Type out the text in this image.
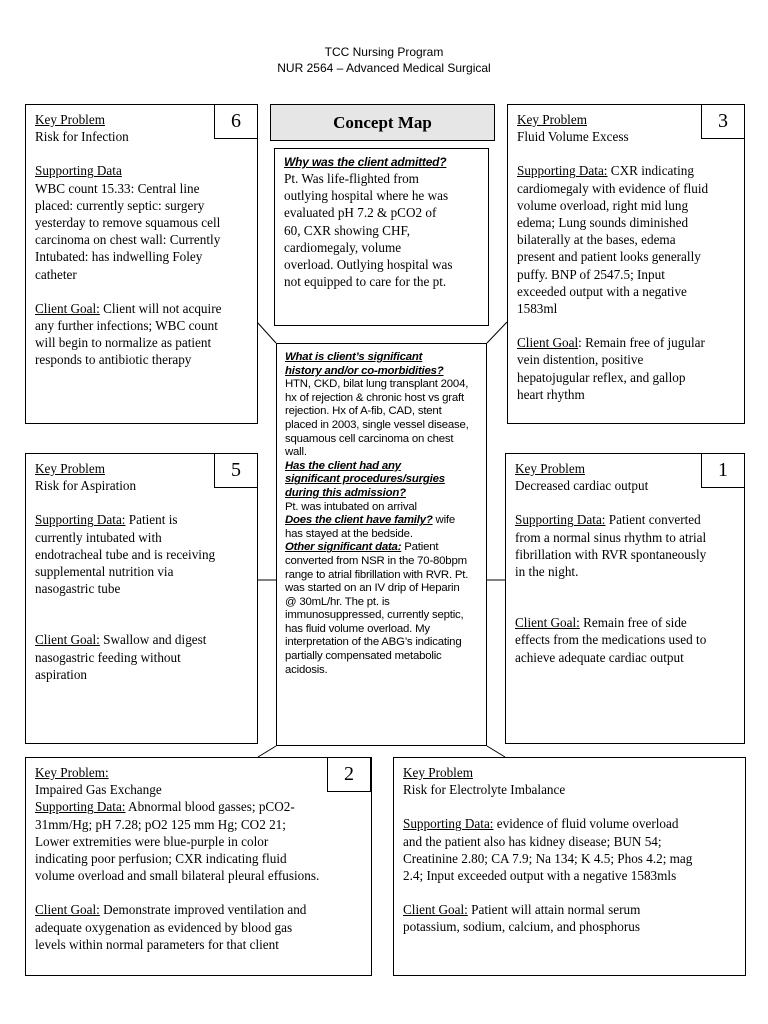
TCC Nursing Program
NUR 2564 – Advanced Medical Surgical
Concept Map
Why was the client admitted?
Pt. Was life-flighted from
outlying hospital where he was
evaluated pH 7.2 & pCO2 of
60, CXR showing CHF,
cardiomegaly, volume
overload. Outlying hospital was
not equipped to care for the pt.
What is client’s significant
history and/or co-morbidities?
HTN, CKD, bilat lung transplant 2004,
hx of rejection & chronic host vs graft
rejection. Hx of A-fib, CAD, stent
placed in 2003, single vessel disease,
squamous cell carcinoma on chest
wall.
Has the client had any
significant procedures/surgies
during this admission?
Pt. was intubated on arrival
Does the client have family? wife
has stayed at the bedside.
Other significant data: Patient
converted from NSR in the 70-80bpm
range to atrial fibrillation with RVR. Pt.
was started on an IV drip of Heparin
@ 30mL/hr. The pt. is
immunosuppressed, currently septic,
has fluid volume overload. My
interpretation of the ABG’s indicating
partially compensated metabolic
acidosis.
6
Key Problem
Risk for Infection
Supporting Data
WBC count 15.33: Central line
placed: currently septic: surgery
yesterday to remove squamous cell
carcinoma on chest wall: Currently
Intubated: has indwelling Foley
catheter
Client Goal: Client will not acquire
any further infections; WBC count
will begin to normalize as patient
responds to antibiotic therapy
3
Key Problem
Fluid Volume Excess
Supporting Data: CXR indicating
cardiomegaly with evidence of fluid
volume overload, right mid lung
edema; Lung sounds diminished
bilaterally at the bases, edema
present and patient looks generally
puffy. BNP of 2547.5; Input
exceeded output with a negative
1583ml
Client Goal: Remain free of jugular
vein distention, positive
hepatojugular reflex, and gallop
heart rhythm
5
Key Problem
Risk for Aspiration
Supporting Data: Patient is
currently intubated with
endotracheal tube and is receiving
supplemental nutrition via
nasogastric tube
Client Goal: Swallow and digest
nasogastric feeding without
aspiration
1
Key Problem
Decreased cardiac output
Supporting Data: Patient converted
from a normal sinus rhythm to atrial
fibrillation with RVR spontaneously
in the night.
Client Goal: Remain free of side
effects from the medications used to
achieve adequate cardiac output
2
Key Problem:
Impaired Gas Exchange
Supporting Data: Abnormal blood gasses; pCO2-
31mm/Hg; pH 7.28; pO2 125 mm Hg; CO2 21;
Lower extremities were blue-purple in color
indicating poor perfusion; CXR indicating fluid
volume overload and small bilateral pleural effusions.
Client Goal: Demonstrate improved ventilation and
adequate oxygenation as evidenced by blood gas
levels within normal parameters for that client
Key Problem
Risk for Electrolyte Imbalance
Supporting Data: evidence of fluid volume overload
and the patient also has kidney disease; BUN 54;
Creatinine 2.80; CA 7.9; Na 134; K 4.5; Phos 4.2; mag
2.4; Input exceeded output with a negative 1583mls
Client Goal: Patient will attain normal serum
potassium, sodium, calcium, and phosphorus
